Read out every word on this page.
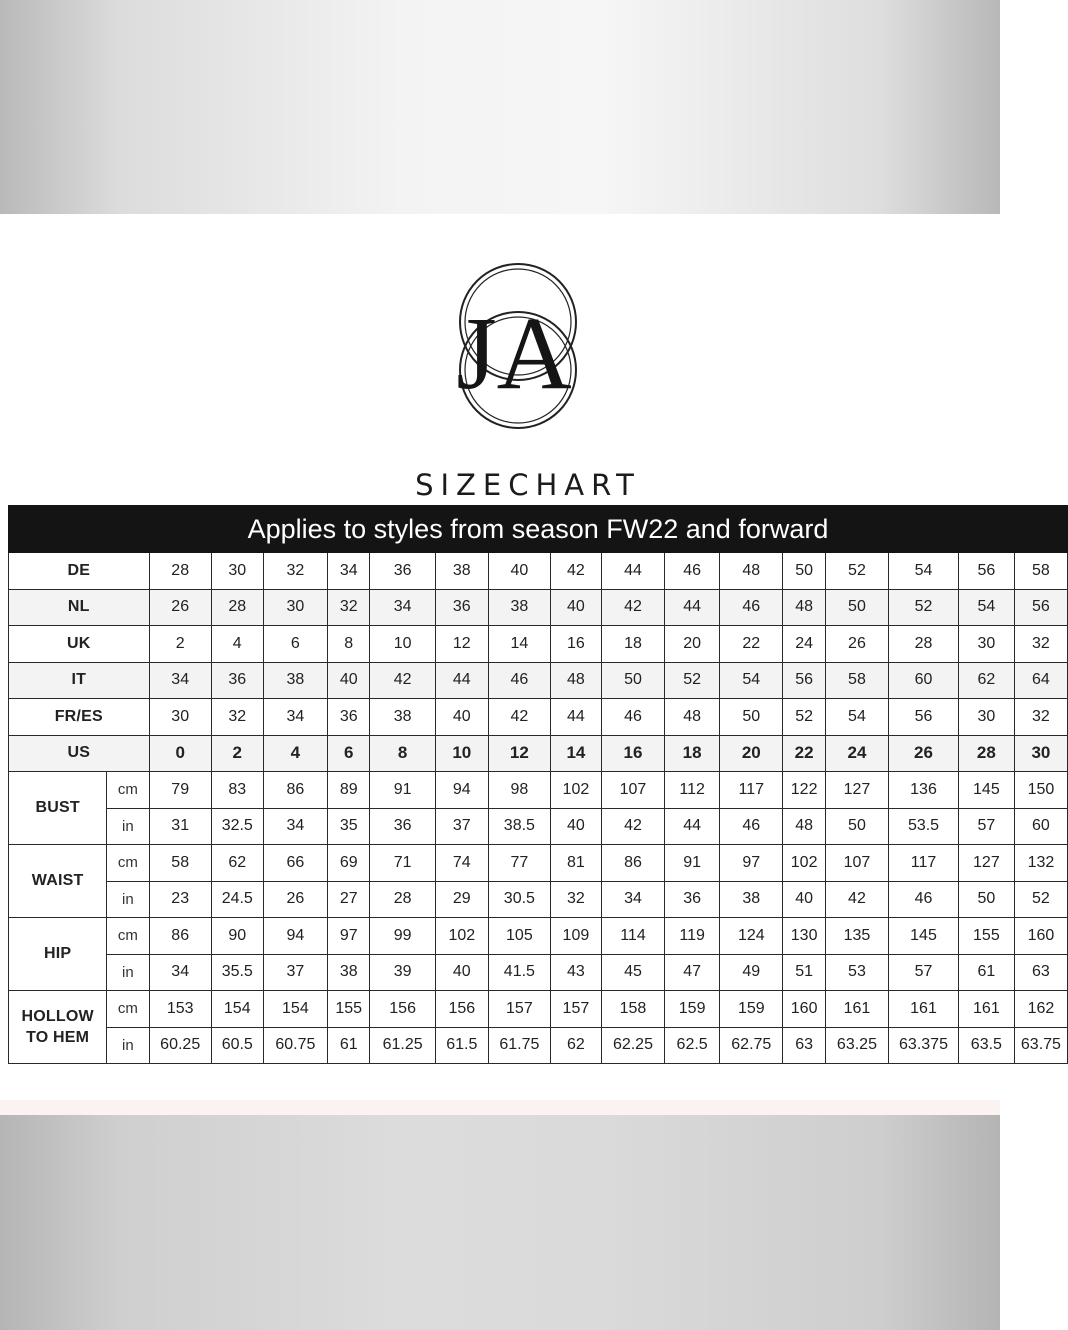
JA
SIZECHART
Applies to styles from season FW22 and forward																	
DE		28	30	32	34	36	38	40	42	44	46	48	50	52	54	56	58
NL		26	28	30	32	34	36	38	40	42	44	46	48	50	52	54	56
UK		2	4	6	8	10	12	14	16	18	20	22	24	26	28	30	32
IT		34	36	38	40	42	44	46	48	50	52	54	56	58	60	62	64
FR/ES		30	32	34	36	38	40	42	44	46	48	50	52	54	56	30	32
US		0	2	4	6	8	10	12	14	16	18	20	22	24	26	28	30
BUST	cm	79	83	86	89	91	94	98	102	107	112	117	122	127	136	145	150
	in	31	32.5	34	35	36	37	38.5	40	42	44	46	48	50	53.5	57	60
WAIST	cm	58	62	66	69	71	74	77	81	86	91	97	102	107	117	127	132
	in	23	24.5	26	27	28	29	30.5	32	34	36	38	40	42	46	50	52
HIP	cm	86	90	94	97	99	102	105	109	114	119	124	130	135	145	155	160
	in	34	35.5	37	38	39	40	41.5	43	45	47	49	51	53	57	61	63

HOLLOW
TO HEM	cm	153	154	154	155	156	156	157	157	158	159	159	160	161	161	161	162
	in	60.25	60.5	60.75	61	61.25	61.5	61.75	62	62.25	62.5	62.75	63	63.25	63.375	63.5	63.75
